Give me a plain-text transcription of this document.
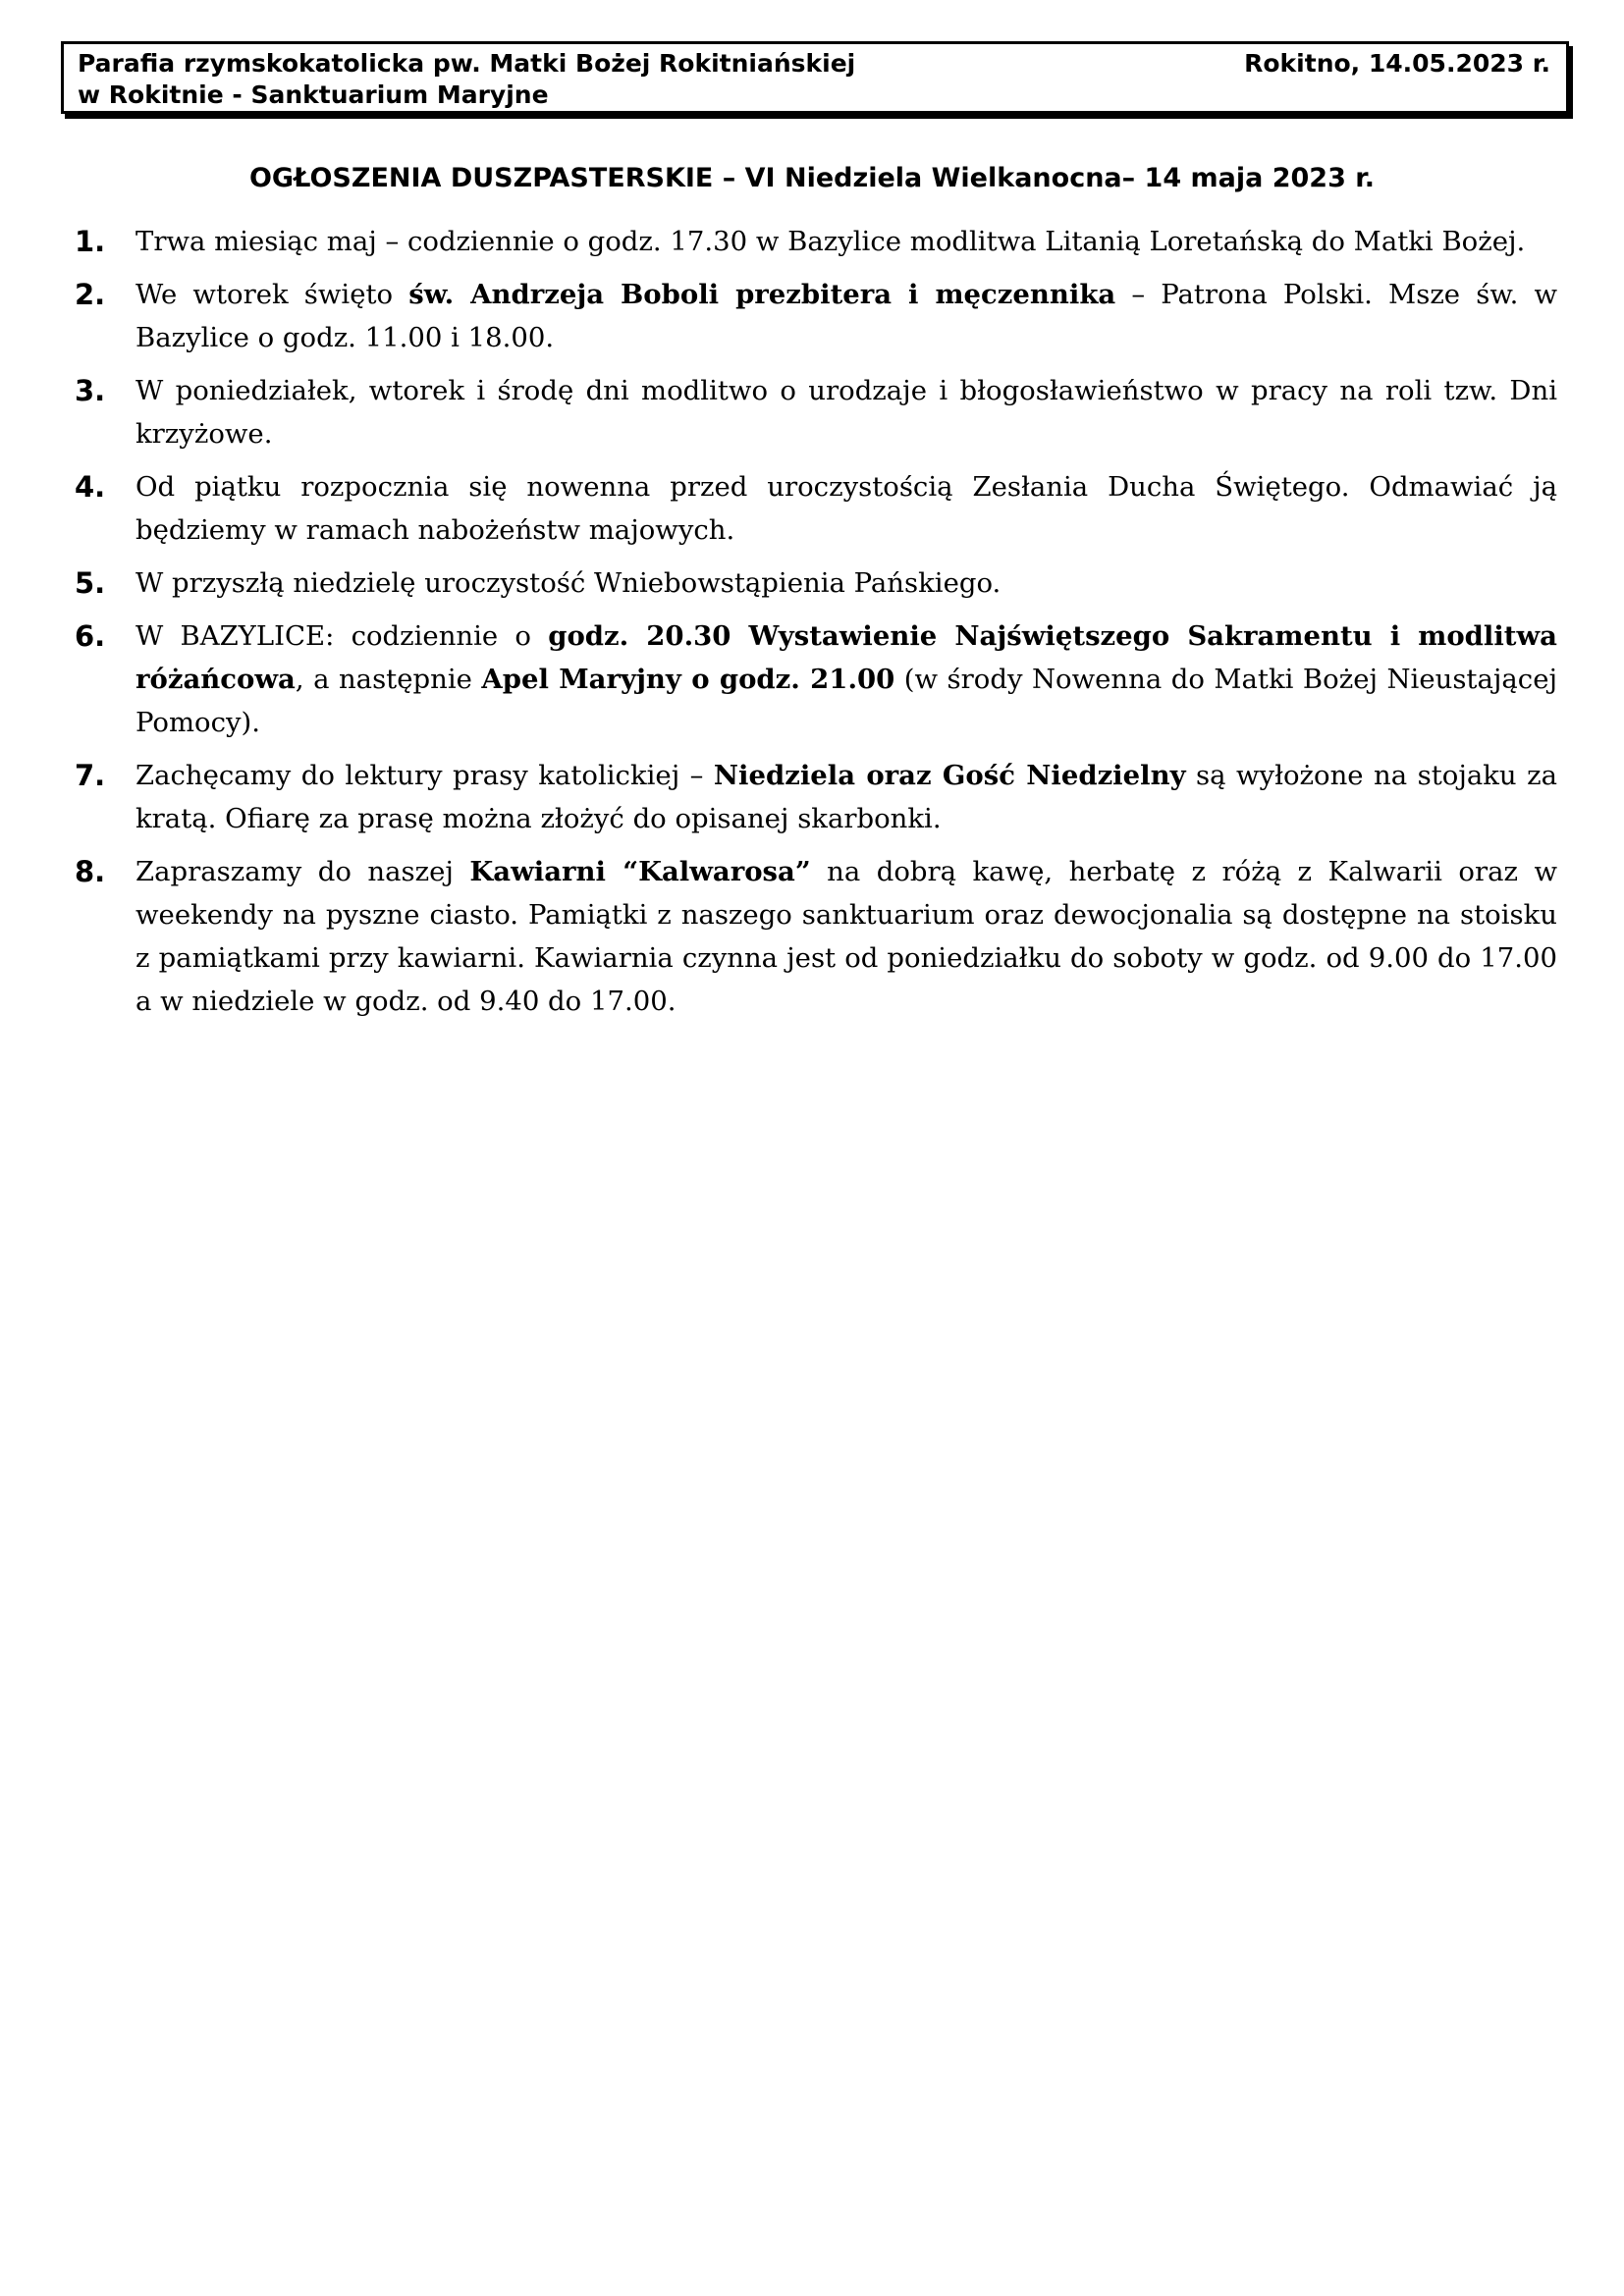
Parafia rzymskokatolicka pw. Matki Bożej Rokitniańskiej
w Rokitnie - Sanktuarium Maryjne
Rokitno, 14.05.2023 r.
OGŁOSZENIA DUSZPASTERSKIE – VI Niedziela Wielkanocna– 14 maja 2023 r.
1. Trwa miesiąc maj – codziennie o godz. 17.30 w Bazylice modlitwa Litanią Loretańską do Matki Bożej.
2. We wtorek święto św. Andrzeja Boboli prezbitera i męczennika – Patrona Polski. Msze św. w Bazylice o godz. 11.00 i 18.00.
3. W poniedziałek, wtorek i środę dni modlitwo o urodzaje i błogosławieństwo w pracy na roli tzw. Dni krzyżowe.
4. Od piątku rozpocznia się nowenna przed uroczystością Zesłania Ducha Świętego. Odmawiać ją będziemy w ramach nabożeństw majowych.
5. W przyszłą niedzielę uroczystość Wniebowstąpienia Pańskiego.
6. W BAZYLICE: codziennie o godz. 20.30 Wystawienie Najświętszego Sakramentu i modlitwa różańcowa, a następnie Apel Maryjny o godz. 21.00 (w środy Nowenna do Matki Bożej Nieustającej Pomocy).
7. Zachęcamy do lektury prasy katolickiej – Niedziela oraz Gość Niedzielny są wyłożone na stojaku za kratą. Ofiarę za prasę można złożyć do opisanej skarbonki.
8. Zapraszamy do naszej Kawiarni “Kalwarosa” na dobrą kawę, herbatę z różą z Kalwarii oraz w weekendy na pyszne ciasto. Pamiątki z naszego sanktuarium oraz dewocjonalia są dostępne na stoisku z pamiątkami przy kawiarni. Kawiarnia czynna jest od poniedziałku do soboty w godz. od 9.00 do 17.00 a w niedziele w godz. od 9.40 do 17.00.
